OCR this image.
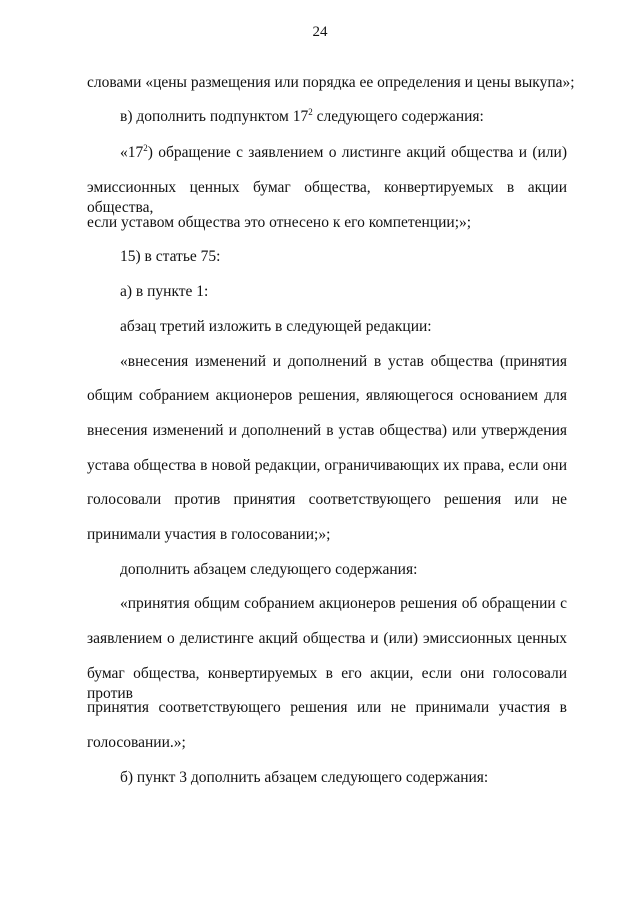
24
словами «цены размещения или порядка ее определения и цены выкупа»;
в) дополнить подпунктом $17^2$ следующего содержания:
«$17^2$) обращение с заявлением о листинге акций общества и (или)
эмиссионных ценных бумаг общества, конвертируемых в акции общества,
если уставом общества это отнесено к его компетенции;»;
15) в статье 75:
а) в пункте 1:
абзац третий изложить в следующей редакции:
«внесения изменений и дополнений в устав общества (принятия
общим собранием акционеров решения, являющегося основанием для
внесения изменений и дополнений в устав общества) или утверждения
устава общества в новой редакции, ограничивающих их права, если они
голосовали против принятия соответствующего решения или не
принимали участия в голосовании;»;
дополнить абзацем следующего содержания:
«принятия общим собранием акционеров решения об обращении с
заявлением о делистинге акций общества и (или) эмиссионных ценных
бумаг общества, конвертируемых в его акции, если они голосовали против
принятия соответствующего решения или не принимали участия в
голосовании.»;
б) пункт 3 дополнить абзацем следующего содержания:
